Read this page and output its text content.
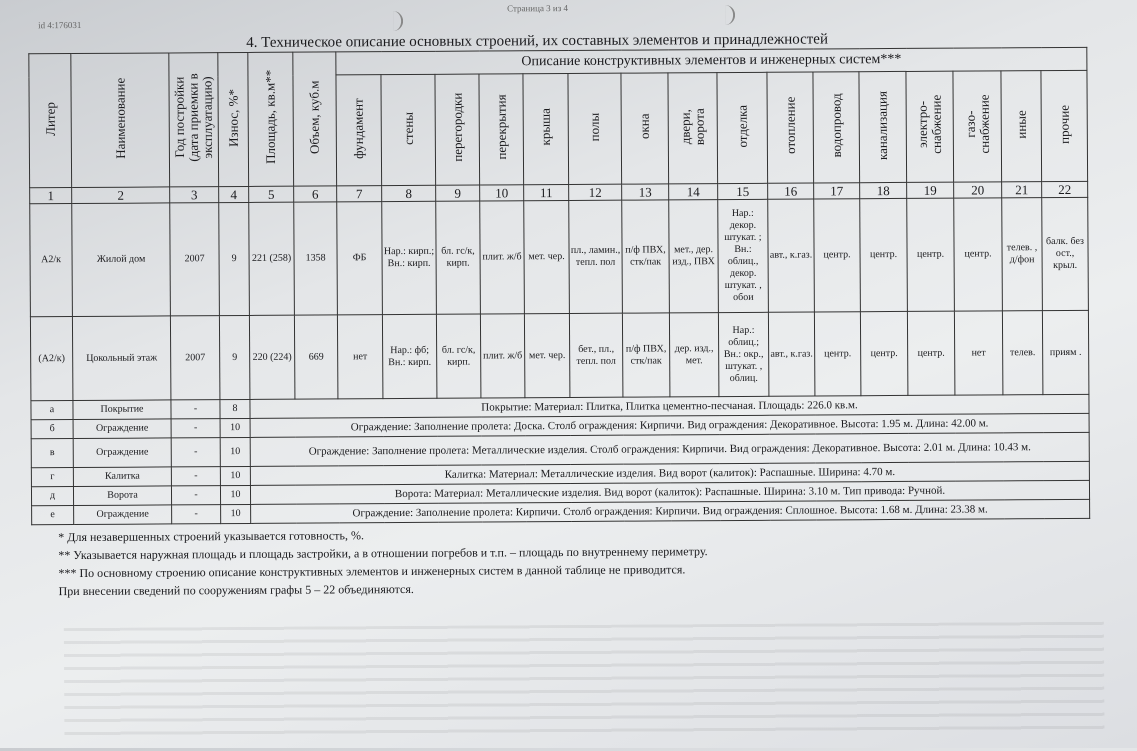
id 4:176031
Страница 3 из 4
4. Техническое описание основных строений, их составных элементов и принадлежностей
Литер	Наименование	Год постройки
(дата приемки в
эксплуатацию)	Износ, %*	Площадь, кв.м**	Объем, куб.м	Описание конструктивных элементов и инженерных систем***															
						фундамент	стены	перегородки	перекрытия	крыша	полы	окна	двери,
ворота	отделка	отопление	водопровод	канализация	электро-
снабжение	газо-
снабжение	иные	прочие
1	2	3	4	5	6	7	8	9	10	11	12	13	14	15	16	17	18	19	20	21	22
А2/к	Жилой дом	2007	9	221 (258)	1358	ФБ	Нар.: кирп.; Вн.: кирп.	бл. гс/к, кирп.	плит. ж/б	мет. чер.	пл., ламин., тепл. пол	п/ф ПВХ, стк/пак	мет., дер. изд., ПВХ	Нар.: декор. штукат. ; Вн.: облиц., декор. штукат. , обои	авт., к.газ.	центр.	центр.	центр.	центр.	телев. , д/фон	балк. без ост., крыл.
(А2/к)	Цокольный этаж	2007	9	220 (224)	669	нет	Нар.: фб; Вн.: кирп.	бл. гс/к, кирп.	плит. ж/б	мет. чер.	бет., пл., тепл. пол	п/ф ПВХ, стк/пак	дер. изд., мет.	Нар.: облиц.; Вн.: окр., штукат. , облиц.	авт., к.газ.	центр.	центр.	центр.	нет	телев.	приям .
а	Покрытие	-	8	Покрытие: Материал: Плитка, Плитка цементно-песчаная. Площадь: 226.0 кв.м.																	
б	Ограждение	-	10	Ограждение: Заполнение пролета: Доска. Столб ограждения: Кирпичи. Вид ограждения: Декоративное. Высота: 1.95 м. Длина: 42.00 м.																	
в	Ограждение	-	10	Ограждение: Заполнение пролета: Металлические изделия. Столб ограждения: Кирпичи. Вид ограждения: Декоративное. Высота: 2.01 м. Длина: 10.43 м.																	
г	Калитка	-	10	Калитка: Материал: Металлические изделия. Вид ворот (калиток): Распашные. Ширина: 4.70 м.																	
д	Ворота	-	10	Ворота: Материал: Металлические изделия. Вид ворот (калиток): Распашные. Ширина: 3.10 м. Тип привода: Ручной.																	
е	Ограждение	-	10	Ограждение: Заполнение пролета: Кирпичи. Столб ограждения: Кирпичи. Вид ограждения: Сплошное. Высота: 1.68 м. Длина: 23.38 м.																	
* Для незавершенных строений указывается готовность, %.
** Указывается наружная площадь и площадь застройки, а в отношении погребов и т.п. – площадь по внутреннему периметру.
*** По основному строению описание конструктивных элементов и инженерных систем в данной таблице не приводится.
При внесении сведений по сооружениям графы 5 – 22 объединяются.
